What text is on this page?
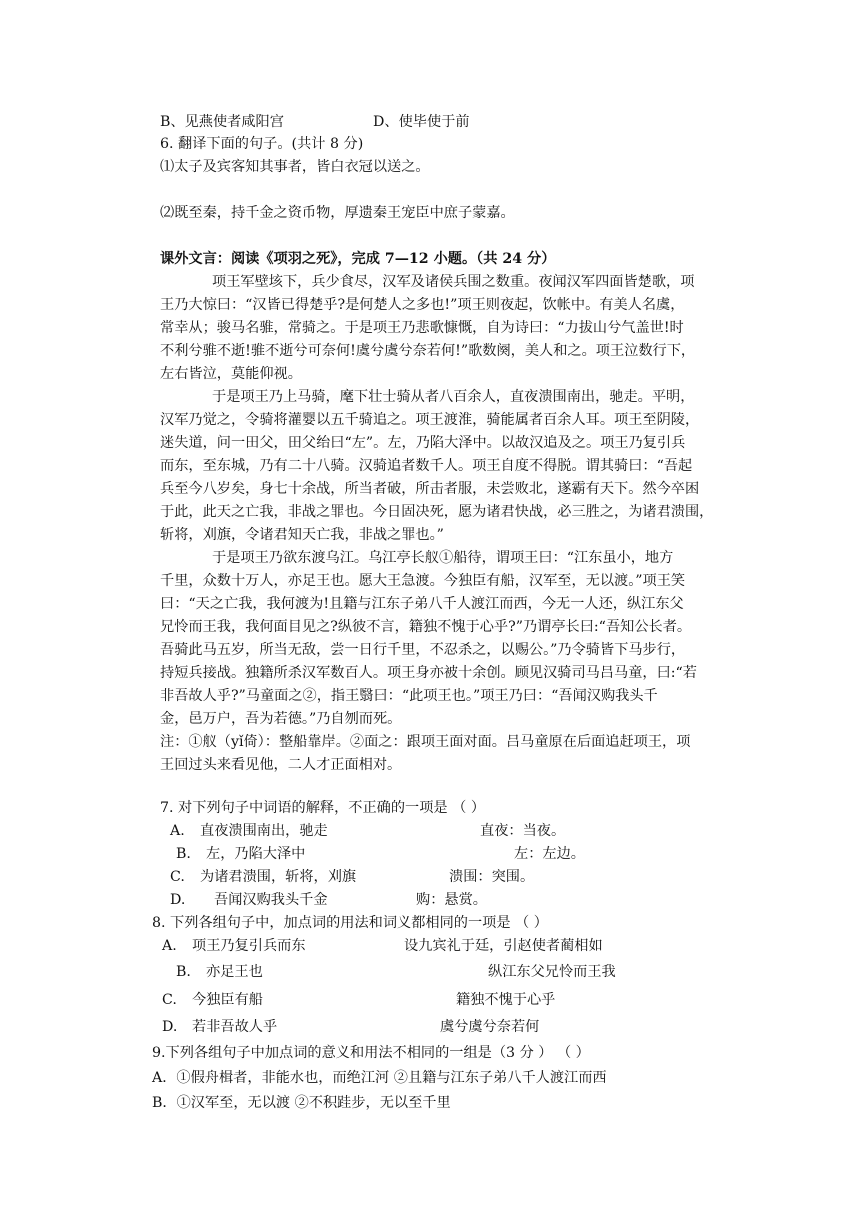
B、见燕使者咸阳宫	D、使毕使于前
6. 翻译下面的句子。(共计 8 分)
⑴太子及宾客知其事者，皆白衣冠以送之。
⑵既至秦，持千金之资币物，厚遗秦王宠臣中庶子蒙嘉。
课外文言：阅读《项羽之死》，完成 7—12 小题。（共 24 分）
项王军壁垓下，兵少食尽，汉军及诸侯兵围之数重。夜闻汉军四面皆楚歌，项
王乃大惊曰：“汉皆已得楚乎?是何楚人之多也!”项王则夜起，饮帐中。有美人名虞，
常幸从；骏马名骓，常骑之。于是项王乃悲歌慷慨，自为诗曰：“力拔山兮气盖世!时
不利兮骓不逝!骓不逝兮可奈何!虞兮虞兮奈若何!”歌数阕，美人和之。项王泣数行下，
左右皆泣，莫能仰视。
于是项王乃上马骑，麾下壮士骑从者八百余人，直夜溃围南出，驰走。平明，
汉军乃觉之，令骑将灌婴以五千骑追之。项王渡淮，骑能属者百余人耳。项王至阴陵，
迷失道，问一田父，田父绐曰“左”。左，乃陷大泽中。以故汉追及之。项王乃复引兵
而东，至东城，乃有二十八骑。汉骑追者数千人。项王自度不得脱。谓其骑曰：“吾起
兵至今八岁矣，身七十余战，所当者破，所击者服，未尝败北，遂霸有天下。然今卒困
于此，此天之亡我，非战之罪也。今日固决死，愿为诸君快战，必三胜之，为诸君溃围，
斩将，刈旗，令诸君知天亡我，非战之罪也。”
于是项王乃欲东渡乌江。乌江亭长舣①船待，谓项王曰：“江东虽小，地方
千里，众数十万人，亦足王也。愿大王急渡。今独臣有船，汉军至，无以渡。”项王笑
曰：“天之亡我，我何渡为!且籍与江东子弟八千人渡江而西，今无一人还，纵江东父
兄怜而王我，我何面目见之?纵彼不言，籍独不愧于心乎?”乃谓亭长曰:“吾知公长者。
吾骑此马五岁，所当无敌，尝一日行千里，不忍杀之，以赐公。”乃令骑皆下马步行，
持短兵接战。独籍所杀汉军数百人。项王身亦被十余创。顾见汉骑司马吕马童，曰:“若
非吾故人乎?”马童面之②，指王翳曰：“此项王也。”项王乃曰：“吾闻汉购我头千
金，邑万户，吾为若德。”乃自刎而死。
注：①舣（yǐ倚）：整船靠岸。②面之：跟项王面对面。吕马童原在后面追赶项王，项
王回过头来看见他，二人才正面相对。
7. 对下列句子中词语的解释，不正确的一项是 （ ）
A. 直夜溃围南出，驰走	直夜：当夜。
B. 左，乃陷大泽中	左：左边。
C. 为诸君溃围，斩将，刈旗	溃围：突围。
D. 吾闻汉购我头千金	购：悬赏。
8. 下列各组句子中，加点词的用法和词义都相同的一项是 （ ）
A. 项王乃复引兵而东	设九宾礼于廷，引赵使者蔺相如
B. 亦足王也	纵江东父兄怜而王我
C. 今独臣有船	籍独不愧于心乎
D. 若非吾故人乎	虞兮虞兮奈若何
9.下列各组句子中加点词的意义和用法不相同的一组是（3 分 ） （ ）
A．①假舟楫者，非能水也，而绝江河 ②且籍与江东子弟八千人渡江而西
B．①汉军至，无以渡 ②不积跬步，无以至千里
